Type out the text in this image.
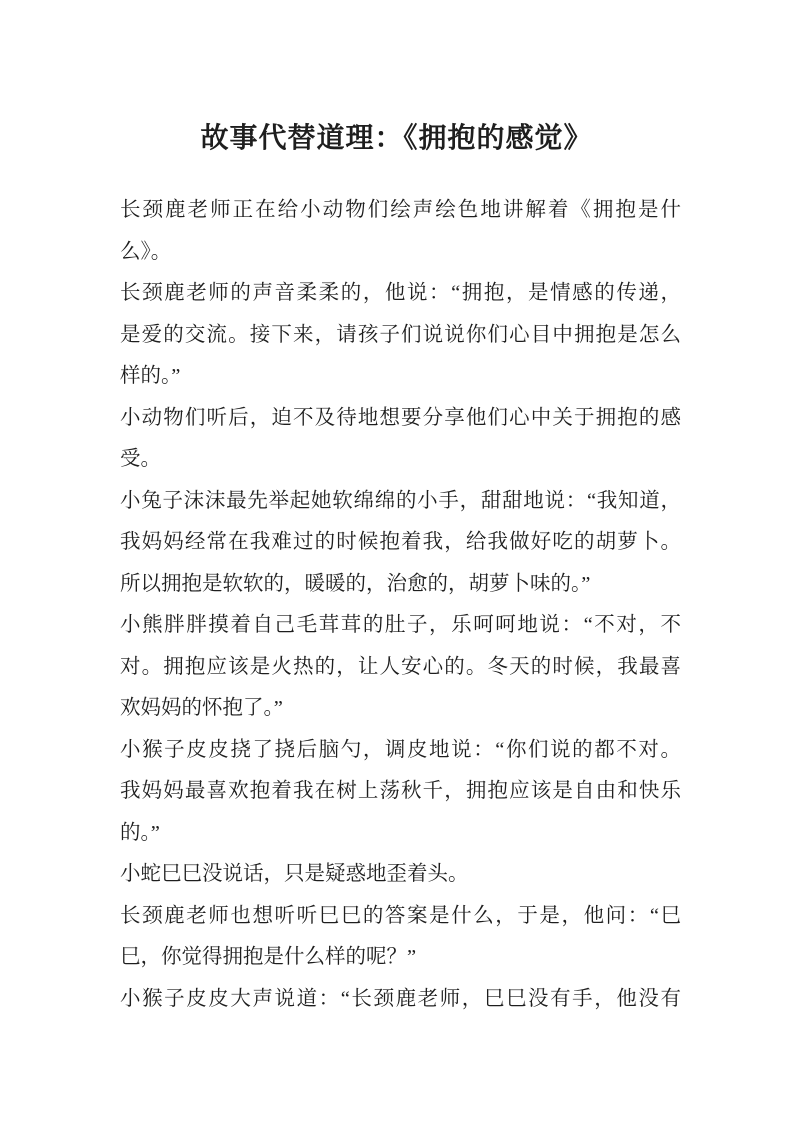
故事代替道理：《拥抱的感觉》
长颈鹿老师正在给小动物们绘声绘色地讲解着《拥抱是什
么》。
长颈鹿老师的声音柔柔的，他说：“拥抱，是情感的传递，
是爱的交流。接下来，请孩子们说说你们心目中拥抱是怎么
样的。”
小动物们听后，迫不及待地想要分享他们心中关于拥抱的感
受。
小兔子沫沫最先举起她软绵绵的小手，甜甜地说：“我知道，
我妈妈经常在我难过的时候抱着我，给我做好吃的胡萝卜。
所以拥抱是软软的，暖暖的，治愈的，胡萝卜味的。”
小熊胖胖摸着自己毛茸茸的肚子，乐呵呵地说：“不对，不
对。拥抱应该是火热的，让人安心的。冬天的时候，我最喜
欢妈妈的怀抱了。”
小猴子皮皮挠了挠后脑勺，调皮地说：“你们说的都不对。
我妈妈最喜欢抱着我在树上荡秋千，拥抱应该是自由和快乐
的。”
小蛇巳巳没说话，只是疑惑地歪着头。
长颈鹿老师也想听听巳巳的答案是什么，于是，他问：“巳
巳，你觉得拥抱是什么样的呢？”
小猴子皮皮大声说道：“长颈鹿老师，巳巳没有手，他没有
